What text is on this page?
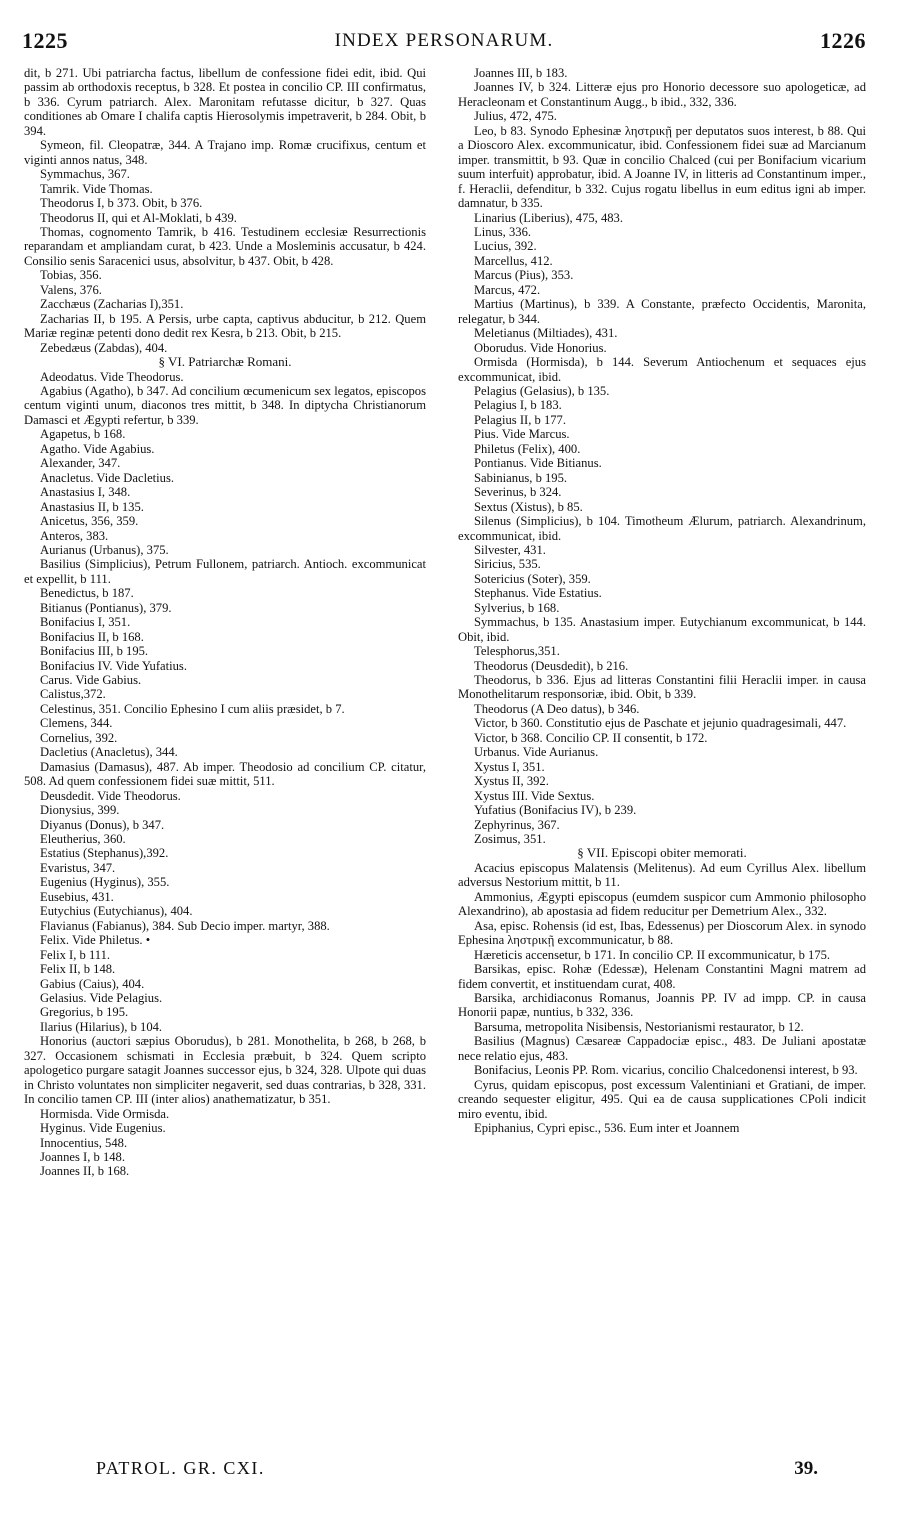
1225	INDEX PERSONARUM.	1226

dit, b 271. Ubi patriarcha factus, libellum de confessione fidei edit, ibid. Qui passim ab orthodoxis receptus, b 328. Et postea in concilio CP. III confirmatus, b 336. Cyrum patriarch. Alex. Maronitam refutasse dicitur, b 327. Quas conditiones ab Omare I chalifa captis Hierosolymis impetraverit, b 284. Obit, b 394.

Symeon, fil. Cleopatræ, 344. A Trajano imp. Romæ crucifixus, centum et viginti annos natus, 348.

Symmachus, 367.

Tamrik. Vide Thomas.

Theodorus I, b 373. Obit, b 376.

Theodorus II, qui et Al-Moklati, b 439.

Thomas, cognomento Tamrik, b 416. Testudinem ecclesiæ Resurrectionis reparandam et ampliandam curat, b 423. Unde a Mosleminis accusatur, b 424. Consilio senis Saracenici usus, absolvitur, b 437. Obit, b 428.

Tobias, 356.

Valens, 376.

Zacchæus (Zacharias I),351.

Zacharias II, b 195. A Persis, urbe capta, captivus abducitur, b 212. Quem Mariæ reginæ petenti dono dedit rex Kesra, b 213. Obit, b 215.

Zebedæus (Zabdas), 404.

§ VI. Patriarchæ Romani.

Adeodatus. Vide Theodorus.

Agabius (Agatho), b 347. Ad concilium œcumenicum sex legatos, episcopos centum viginti unum, diaconos tres mittit, b 348. In diptycha Christianorum Damasci et Ægypti refertur, b 339.

Agapetus, b 168.

Agatho. Vide Agabius.

Alexander, 347.

Anacletus. Vide Dacletius.

Anastasius I, 348.

Anastasius II, b 135.

Anicetus, 356, 359.

Anteros, 383.

Aurianus (Urbanus), 375.

Basilius (Simplicius), Petrum Fullonem, patriarch. Antioch. excommunicat et expellit, b 111.

Benedictus, b 187.

Bitianus (Pontianus), 379.

Bonifacius I, 351.

Bonifacius II, b 168.

Bonifacius III, b 195.

Bonifacius IV. Vide Yufatius.

Carus. Vide Gabius.

Calistus,372.

Celestinus, 351. Concilio Ephesino I cum aliis præsidet, b 7.

Clemens, 344.

Cornelius, 392.

Dacletius (Anacletus), 344.

Damasius (Damasus), 487. Ab imper. Theodosio ad concilium CP. citatur, 508. Ad quem confessionem fidei suæ mittit, 511.

Deusdedit. Vide Theodorus.

Dionysius, 399.

Diyanus (Donus), b 347.

Eleutherius, 360.

Estatius (Stephanus),392.

Evaristus, 347.

Eugenius (Hyginus), 355.

Eusebius, 431.

Eutychius (Eutychianus), 404.

Flavianus (Fabianus), 384. Sub Decio imper. martyr, 388.

Felix. Vide Philetus. •

Felix I, b 111.

Felix II, b 148.

Gabius (Caius), 404.

Gelasius. Vide Pelagius.

Gregorius, b 195.

Ilarius (Hilarius), b 104.

Honorius (auctori sæpius Oborudus), b 281. Monothelita, b 268, b 268, b 327. Occasionem schismati in Ecclesia præbuit, b 324. Quem scripto apologetico purgare satagit Joannes successor ejus, b 324, 328. Ulpote qui duas in Christo voluntates non simpliciter negaverit, sed duas contrarias, b 328, 331. In concilio tamen CP. III (inter alios) anathematizatur, b 351.

Hormisda. Vide Ormisda.

Hyginus. Vide Eugenius.

Innocentius, 548.

Joannes I, b 148.

Joannes II, b 168.

Joannes III, b 183.

Joannes IV, b 324. Litteræ ejus pro Honorio decessore suo apologeticæ, ad Heracleonam et Constantinum Augg., b ibid., 332, 336.

Julius, 472, 475.

Leo, b 83. Synodo Ephesinæ ληστρικῇ per deputatos suos interest, b 88. Qui a Dioscoro Alex. excommunicatur, ibid. Confessionem fidei suæ ad Marcianum imper. transmittit, b 93. Quæ in concilio Chalced (cui per Bonifacium vicarium suum interfuit) approbatur, ibid. A Joanne IV, in litteris ad Constantinum imper., f. Heraclii, defenditur, b 332. Cujus rogatu libellus in eum editus igni ab imper. damnatur, b 335.

Linarius (Liberius), 475, 483.

Linus, 336.

Lucius, 392.

Marcellus, 412.

Marcus (Pius), 353.

Marcus, 472.

Martius (Martinus), b 339. A Constante, præfecto Occidentis, Maronita, relegatur, b 344.

Meletianus (Miltiades), 431.

Oborudus. Vide Honorius.

Ormisda (Hormisda), b 144. Severum Antiochenum et sequaces ejus excommunicat, ibid.

Pelagius (Gelasius), b 135.

Pelagius I, b 183.

Pelagius II, b 177.

Pius. Vide Marcus.

Philetus (Felix), 400.

Pontianus. Vide Bitianus.

Sabinianus, b 195.

Severinus, b 324.

Sextus (Xistus), b 85.

Silenus (Simplicius), b 104. Timotheum Ælurum, patriarch. Alexandrinum, excommunicat, ibid.

Silvester, 431.

Siricius, 535.

Sotericius (Soter), 359.

Stephanus. Vide Estatius.

Sylverius, b 168.

Symmachus, b 135. Anastasium imper. Eutychianum excommunicat, b 144. Obit, ibid.

Telesphorus,351.

Theodorus (Deusdedit), b 216.

Theodorus, b 336. Ejus ad litteras Constantini filii Heraclii imper. in causa Monothelitarum responsoriæ, ibid. Obit, b 339.

Theodorus (A Deo datus), b 346.

Victor, b 360. Constitutio ejus de Paschate et jejunio quadragesimali, 447.

Victor, b 368. Concilio CP. II consentit, b 172.

Urbanus. Vide Aurianus.

Xystus I, 351.

Xystus II, 392.

Xystus III. Vide Sextus.

Yufatius (Bonifacius IV), b 239.

Zephyrinus, 367.

Zosimus, 351.

§ VII. Episcopi obiter memorati.

Acacius episcopus Malatensis (Melitenus). Ad eum Cyrillus Alex. libellum adversus Nestorium mittit, b 11.

Ammonius, Ægypti episcopus (eumdem suspicor cum Ammonio philosopho Alexandrino), ab apostasia ad fidem reducitur per Demetrium Alex., 332.

Asa, episc. Rohensis (id est, Ibas, Edessenus) per Dioscorum Alex. in synodo Ephesina ληστρικῇ excommunicatur, b 88.

Hæreticis accensetur, b 171. In concilio CP. II excommunicatur, b 175.

Barsikas, episc. Rohæ (Edessæ), Helenam Constantini Magni matrem ad fidem convertit, et instituendam curat, 408.

Barsika, archidiaconus Romanus, Joannis PP. IV ad impp. CP. in causa Honorii papæ, nuntius, b 332, 336.

Barsuma, metropolita Nisibensis, Nestorianismi restaurator, b 12.

Basilius (Magnus) Cæsareæ Cappadociæ episc., 483. De Juliani apostatæ nece relatio ejus, 483.

Bonifacius, Leonis PP. Rom. vicarius, concilio Chalcedonensi interest, b 93.

Cyrus, quidam episcopus, post excessum Valentiniani et Gratiani, de imper. creando sequester eligitur, 495. Qui ea de causa supplicationes CPoli indicit miro eventu, ibid.

Epiphanius, Cypri episc., 536. Eum inter et Joannem

PATROL. GR. CXI.	39.
